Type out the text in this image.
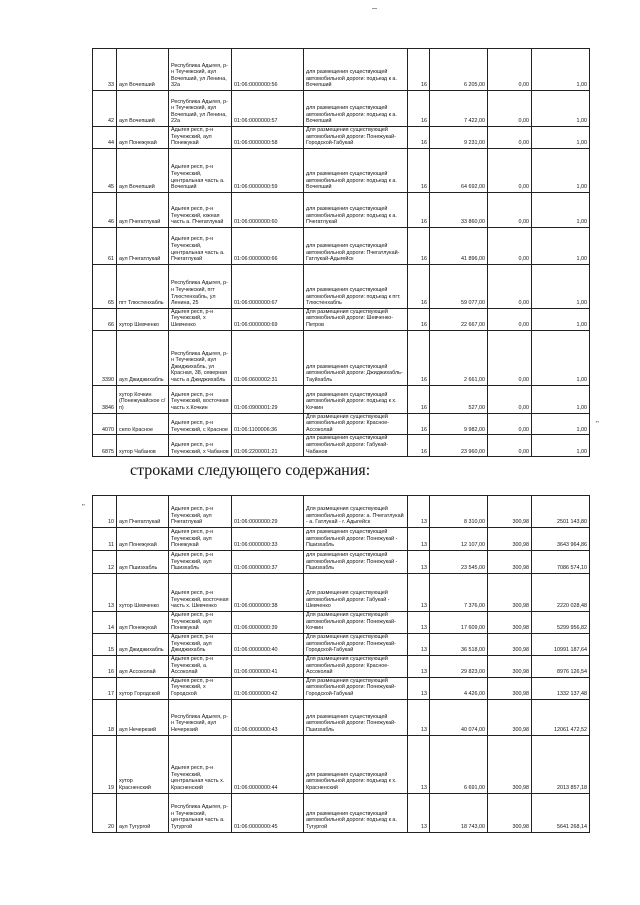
33	аул Вочепший	Республика Адыгея, р-н Теучежский, аул Вочепший, ул Ленина, 32а	01:06:0000000:56	для размещения существующей автомобильной дороги: подъезд к а. Вочепший	16	6 205,00	0,00	1,00
42	аул Вочепший	Республика Адыгея, р-н Теучежский, аул Вочепший, ул Ленина, 22а	01:06:0000000:57	для размещения существующей автомобильной дороги: подъезд к а. Вочепший	16	7 422,00	0,00	1,00
44	аул Понежукай	Адыгея респ, р-н Теучежский, аул Понежукай	01:06:0000000:58	Для размещения существующей автомобильной дороги: Понежукай-Городской-Габукай	16	9 231,00	0,00	1,00
45	аул Вочепший	Адыгея респ, р-н Теучежский, центральная часть а. Вочепший	01:06:0000000:59	для размещения существующей автомобильной дороги: подъезд к а. Вочепший	16	64 692,00	0,00	1,00
46	аул Пчегатлукай	Адыгея респ, р-н Теучежский, южная часть а. Пчегатлукай	01:06:0000000:60	для размещения существующей автомобильной дороги: подъезд к а. Пчегатлукай	16	33 860,00	0,00	1,00
61	аул Пчегатлукай	Адыгея респ, р-н Теучежский, центральная часть а. Пчегатлукай	01:06:0000000:66	для размещения существующей автомобильной дороги: Пчегатлукай-Гатлукай-Адыгейск	16	41 896,00	0,00	1,00
65	пгт Тлюстенхабль	Республика Адыгея, р-н Теучежский, пгт Тлюстенхабль, ул Ленина, 25	01:06:0000000:67	для размещения существующей автомобильной дороги: подъезд к пгт. Тлюстенхабль	16	59 077,00	0,00	1,00
66	хутор Шевченко	Адыгея респ, р-н Теучежский, х Шевченко	01:06:0000000:69	Для размещения существующей автомобильной дороги: Шевченко-Петров	16	22 667,00	0,00	1,00
3390	аул Джиджихабль	Республика Адыгея, р-н Теучежский, аул Джиджихабль, ул Красная, 38, северная часть а Джиджихабль	01:06:0600002:31	для размещения существующей автомобильной дороги: Джиджихабль-Тауйхабль	16	2 661,00	0,00	1,00
3846	хутор Кочкин (Понежукайское с/п)	Адыгея респ, р-н Теучежский, восточная часть х.Кочкин	01:06:0900001:29	для размещения существующей автомобильной дороги: подъезд к х. Кочкин	16	527,00	0,00	1,00
4070	село Красное	Адыгея респ, р-н Теучежский, с Красное	01:06:1100006:36	Для размещения существующей автомобильной дороги: Красное-Ассоколай	16	9 982,00	0,00	1,00
6875	хутор Чабанов	Адыгея респ, р-н Теучежский, х Чабанов	01:06:2200001:21	для размещения существующей автомобильной дороги: Габукай-Чабанов	16	23 960,00	0,00	1,00
"
строками следующего содержания:
"
10	аул Пчегатлукай	Адыгея респ, р-н Теучежский, аул Пчегатлукай	01:06:0000000:29	Для размещения существующей автомобильной дороги: а. Пчегатлукай - а. Гатлукай - г. Адыгейск	13	8 310,00	300,98	2501 143,80
11	аул Понежукай	Адыгея респ, р-н Теучежский, аул Понежукай	01:06:0000000:33	для размещения существующей автомобильной дороги: Понежукай - Пшизхабль	13	12 107,00	300,98	3643 964,86
12	аул Пшизхабль	Адыгея респ, р-н Теучежский, аул Пшизхабль	01:06:0000000:37	для размещения существующей автомобильной дороги: Понежукай - Пшизхабль	13	23 545,00	300,98	7086 574,10
13	хутор Шевченко	Адыгея респ, р-н Теучежский, восточная часть х. Шевченко	01:06:0000000:38	Для размещения существующей автомобильной дороги: Габукай - Шевченко	13	7 376,00	300,98	2220 028,48
14	аул Понежукай	Адыгея респ, р-н Теучежский, аул Понежукай	01:06:0000000:39	Для размещения существующей автомобильной дороги: Понежукай-Кочкин	13	17 609,00	300,98	5299 956,82
15	аул Джиджихабль	Адыгея респ, р-н Теучежский, аул Джиджихабль	01:06:0000000:40	Для размещения существующей автомобильной дороги: Понежукай-Городской-Габукай	13	36 518,00	300,98	10991 187,64
16	аул Ассоколай	Адыгея респ, р-н Теучежский, а. Ассоколай	01:06:0000000:41	Для размещения существующей автомобильной дороги: Красное-Ассоколай	13	29 823,00	300,98	8976 126,54
17	хутор Городской	Адыгея респ, р-н Теучежский, х Городской	01:06:0000000:42	Для размещения существующей автомобильной дороги: Понежукай-Городской-Габукай	13	4 426,00	300,98	1332 137,48
18	аул Нечерезий	Республика Адыгея, р-н Теучежский, аул Нечерезий	01:06:0000000:43	для размещения существующей автомобильной дороги: Понежукай-Пшизхабль	13	40 074,00	300,98	12061 472,52
19	хутор Красненский	Адыгея респ, р-н Теучежский, центральная часть х. Красненский	01:06:0000000:44	для размещения существующей автомобильной дороги: подъезд к х. Красненский	13	6 691,00	300,98	2013 857,18
20	аул Тугургой	Республика Адыгея, р-н Теучежский, центральная часть а. Тугургой	01:06:0000000:45	для размещения существующей автомобильной дороги: подъезд к а. Тугургой	13	18 743,00	300,98	5641 268,14
